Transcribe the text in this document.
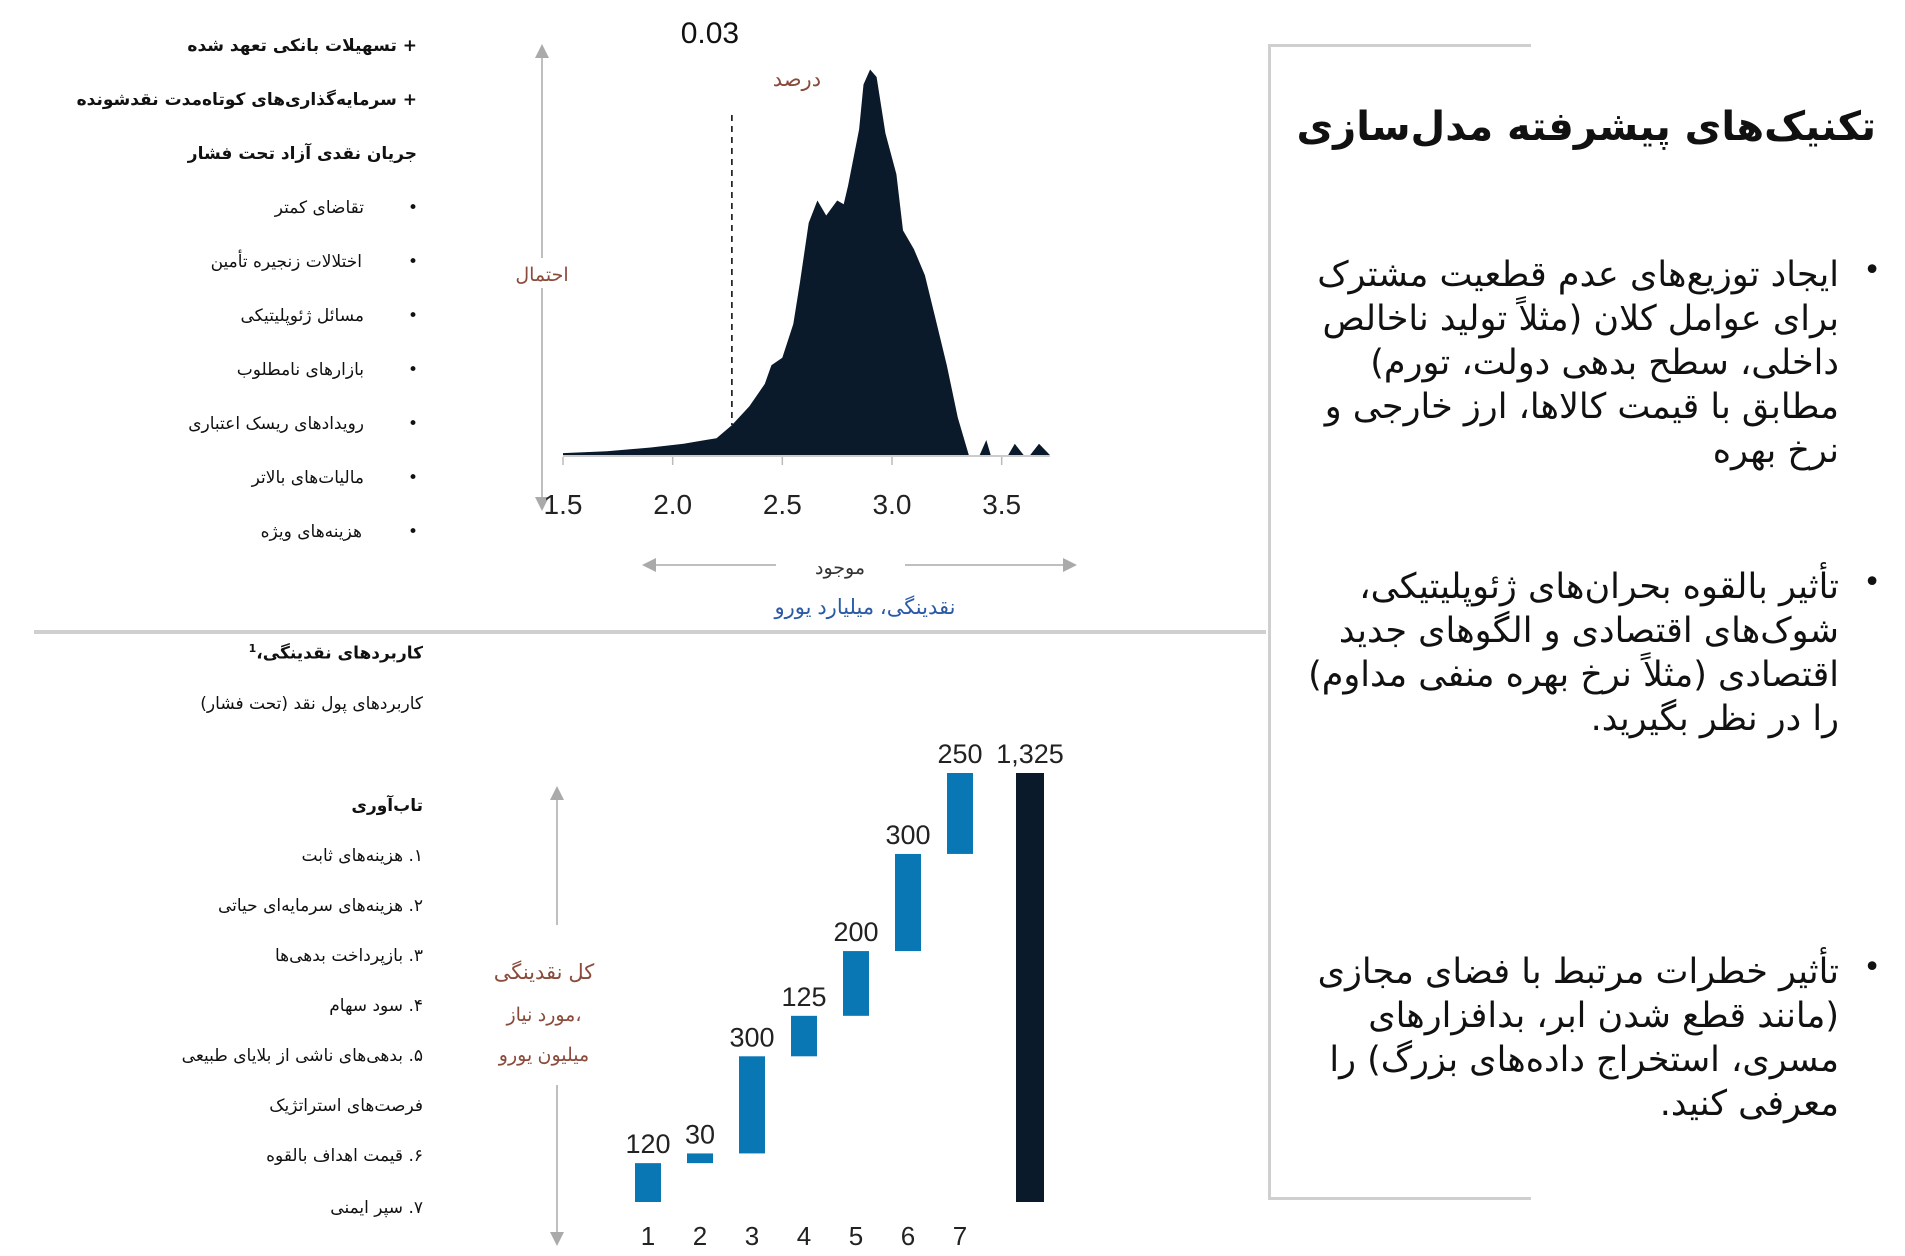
تکنیک‌های پیشرفته مدل‌سازی
•
ایجاد توزیع‌های عدم قطعیت مشترک برای عوامل کلان (مثلاً تولید ناخالص داخلی، سطح بدهی دولت، تورم) مطابق با قیمت کالاها، ارز خارجی و نرخ بهره
•
تأثیر بالقوه بحران‌های ژئوپلیتیکی، شوک‌های اقتصادی و الگوهای جدید اقتصادی (مثلاً نرخ بهره منفی مداوم) را در نظر بگیرید.
•
تأثیر خطرات مرتبط با فضای مجازی (مانند قطع شدن ابر، بدافزارهای مسری، استخراج داده‌های بزرگ) را معرفی کنید.
+ تسهیلات بانکی تعهد شده
+ سرمایه‌گذاری‌های کوتاه‌مدت نقدشونده
جریان نقدی آزاد تحت فشار
تقاضای کمتر
اختلالات زنجیره تأمین
مسائل ژئوپلیتیکی
بازارهای نامطلوب
رویدادهای ریسک اعتباری
مالیات‌های بالاتر
هزینه‌های ویژه
•
•
•
•
•
•
•
کاربردهای نقدینگی،$^1$
کاربردهای پول نقد (تحت فشار)
تاب‌آوری
۱. هزینه‌های ثابت
۲. هزینه‌های سرمایه‌ای حیاتی
۳. بازپرداخت بدهی‌ها
۴. سود سهام
۵. بدهی‌های ناشی از بلایای طبیعی
فرصت‌های استراتژیک
۶. قیمت اهداف بالقوه
۷. سپر ایمنی
احتمال
0.03
درصد
1.5	2.0	2.5	3.0	3.5
موجود
نقدینگی، میلیارد یورو
کل نقدینگی
مورد نیاز،
میلیون یورو
120
1
30
2
300
3
125
4
200
5
300
6
250
7
1,325
